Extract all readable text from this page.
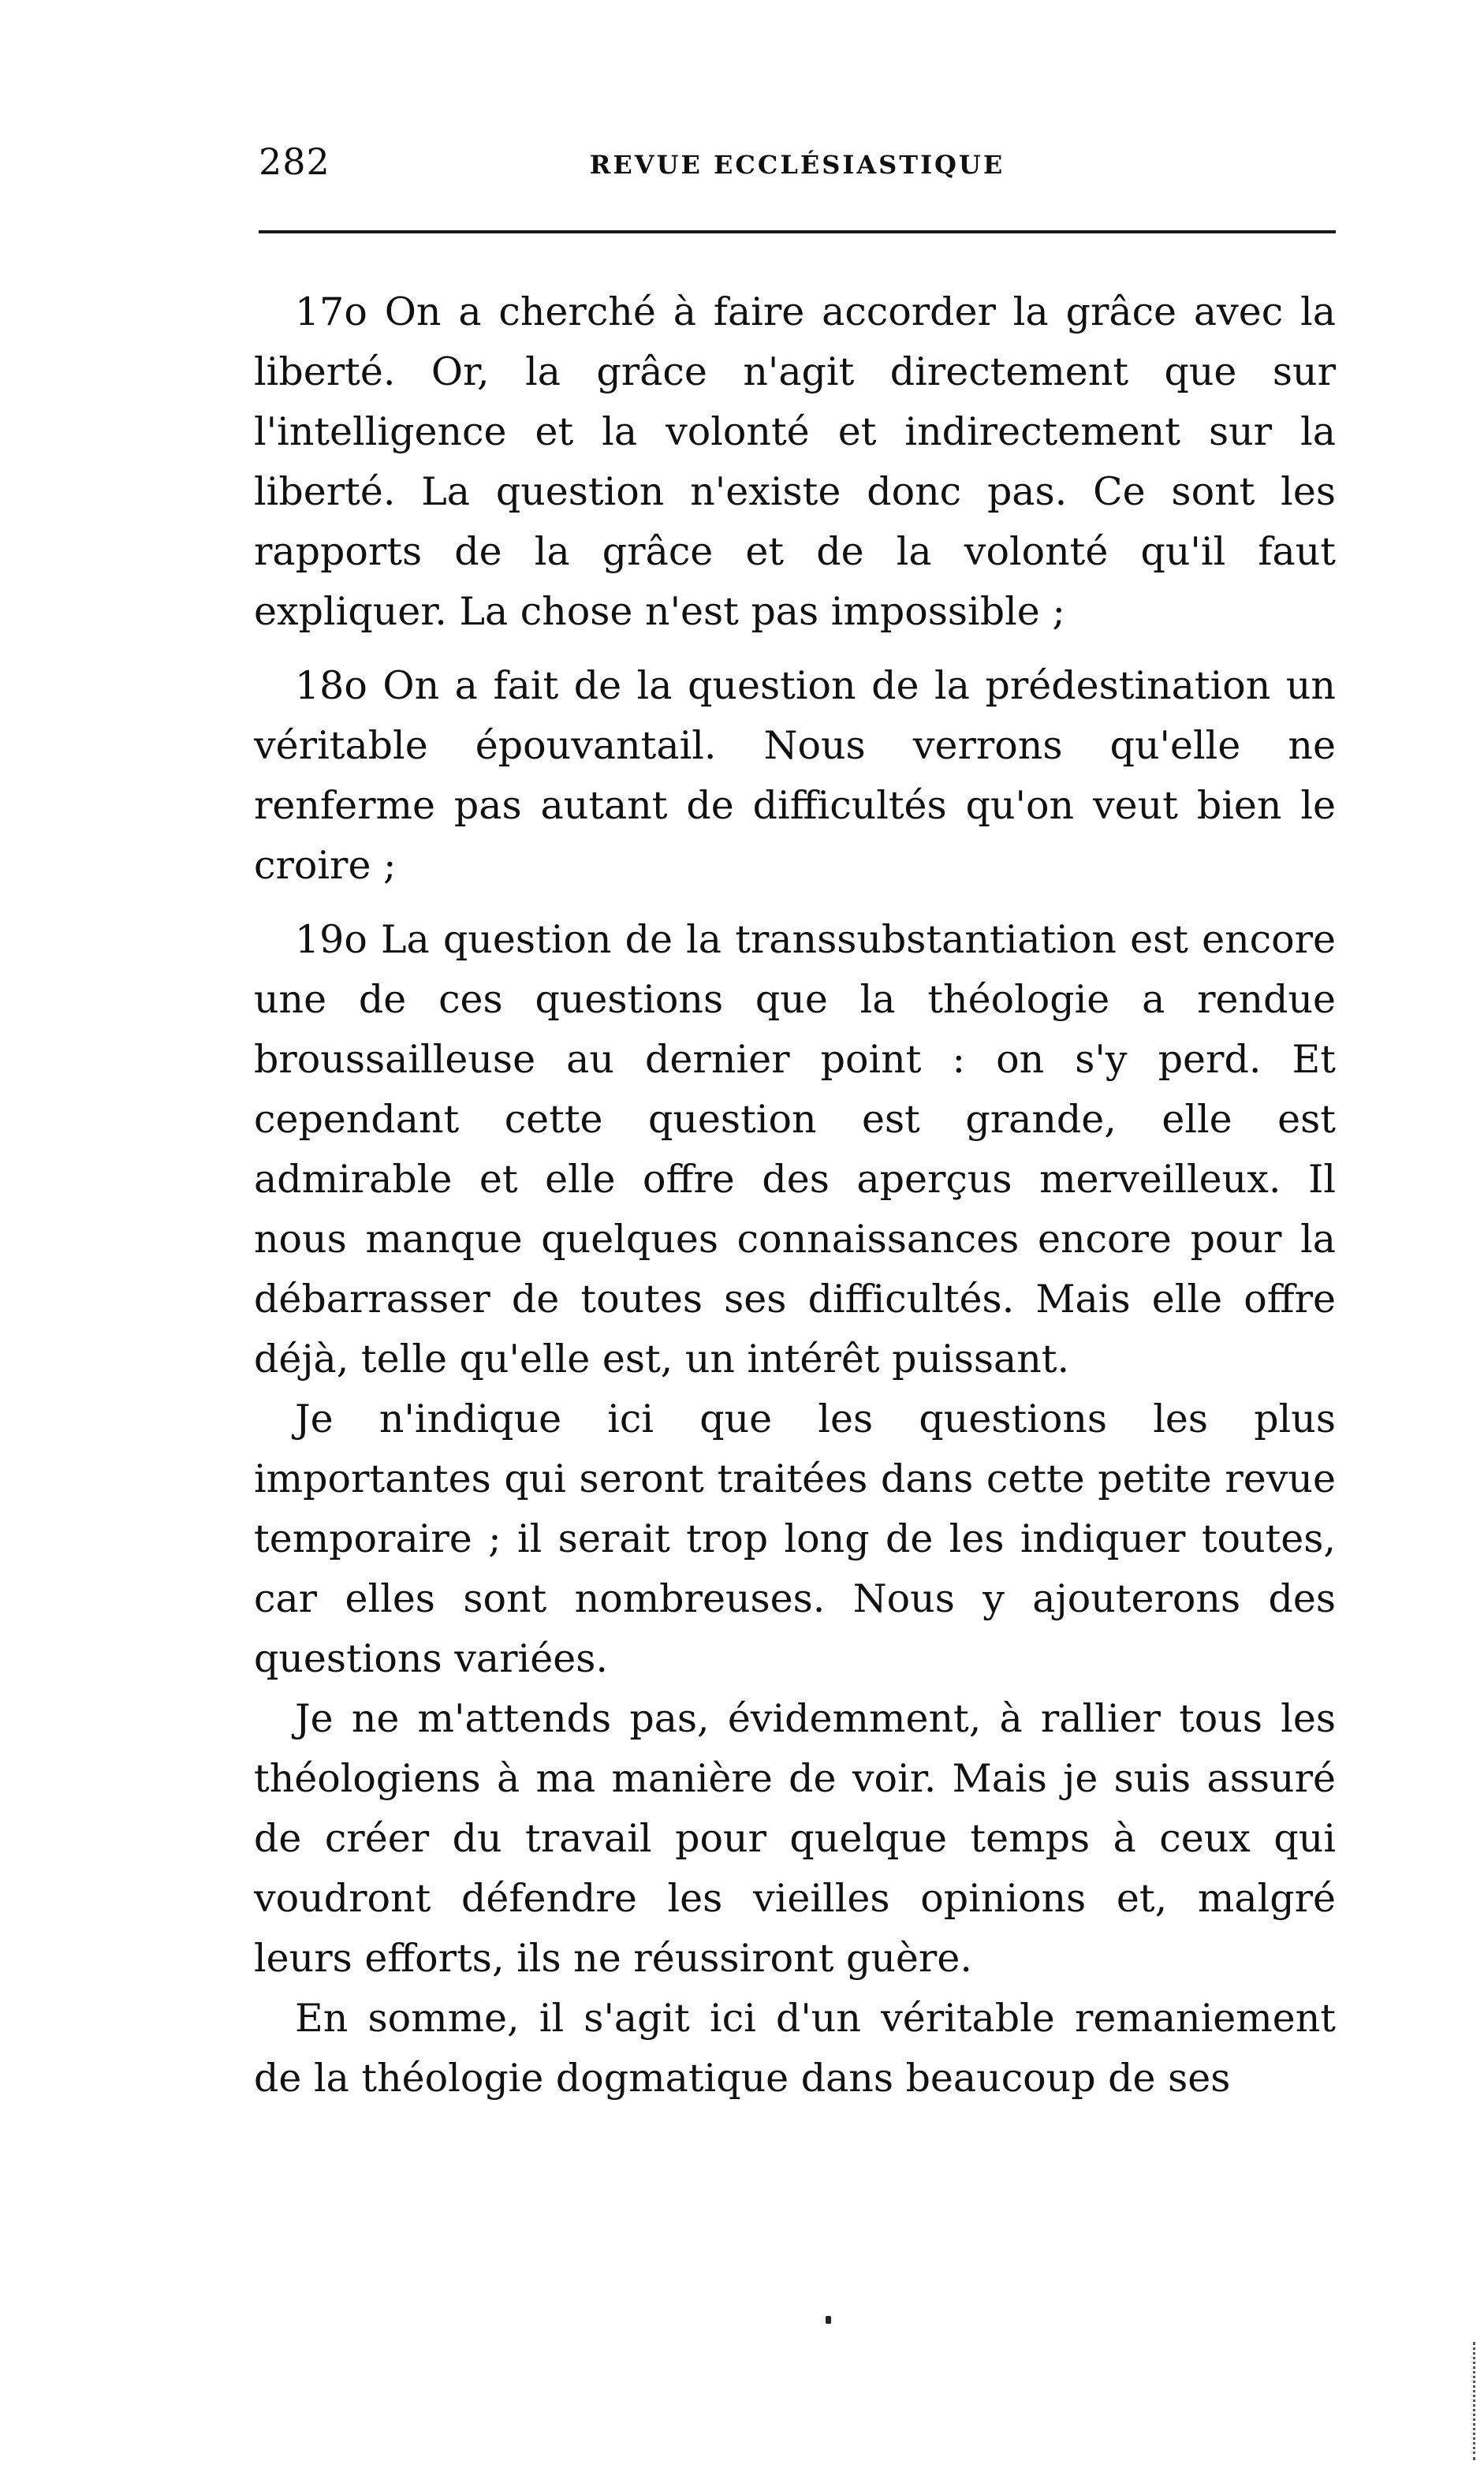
282	REVUE ECCLÉSIASTIQUE

17o On a cherché à faire accorder la grâce avec la liberté. Or, la grâce n'agit directement que sur l'intelligence et la volonté et indirectement sur la liberté. La question n'existe donc pas. Ce sont les rapports de la grâce et de la volonté qu'il faut expliquer. La chose n'est pas impossible ;

18o On a fait de la question de la prédestination un véritable épouvantail. Nous verrons qu'elle ne renferme pas autant de difficultés qu'on veut bien le croire ;

19o La question de la transsubstantiation est encore une de ces questions que la théologie a rendue broussailleuse au dernier point : on s'y perd. Et cependant cette question est grande, elle est admirable et elle offre des aperçus merveilleux. Il nous manque quelques connaissances encore pour la débarrasser de toutes ses difficultés. Mais elle offre déjà, telle qu'elle est, un intérêt puissant.

Je n'indique ici que les questions les plus importantes qui seront traitées dans cette petite revue temporaire ; il serait trop long de les indiquer toutes, car elles sont nombreuses. Nous y ajouterons des questions variées.

Je ne m'attends pas, évidemment, à rallier tous les théologiens à ma manière de voir. Mais je suis assuré de créer du travail pour quelque temps à ceux qui voudront défendre les vieilles opinions et, malgré leurs efforts, ils ne réussiront guère.

En somme, il s'agit ici d'un véritable remaniement de la théologie dogmatique dans beaucoup de ses
